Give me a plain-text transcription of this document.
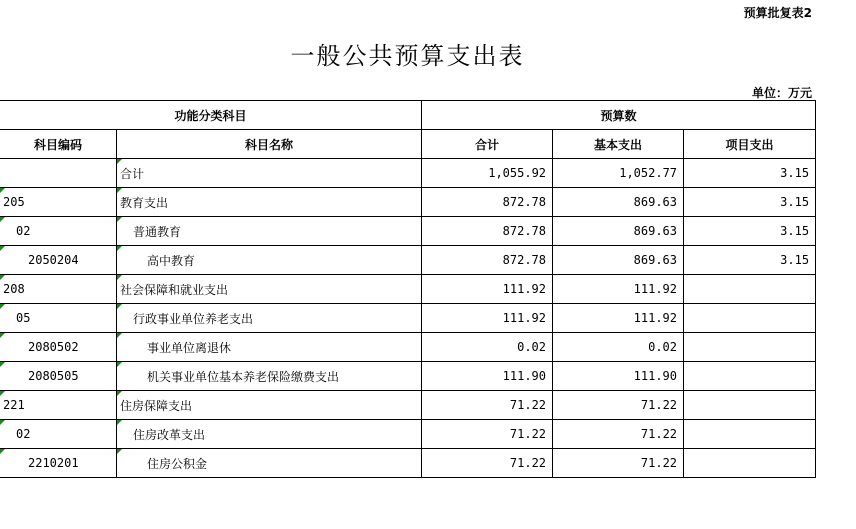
预算批复表2
一般公共预算支出表
单位：万元
功能分类科目		预算数		
科目编码	科目名称	合计	基本支出	项目支出
	合计	1,055.92	1,052.77	3.15
205	教育支出	872.78	869.63	3.15
02	普通教育	872.78	869.63	3.15
2050204	高中教育	872.78	869.63	3.15
208	社会保障和就业支出	111.92	111.92	
05	行政事业单位养老支出	111.92	111.92	
2080502	事业单位离退休	0.02	0.02	
2080505	机关事业单位基本养老保险缴费支出	111.90	111.90	
221	住房保障支出	71.22	71.22	
02	住房改革支出	71.22	71.22	
2210201	住房公积金	71.22	71.22	
